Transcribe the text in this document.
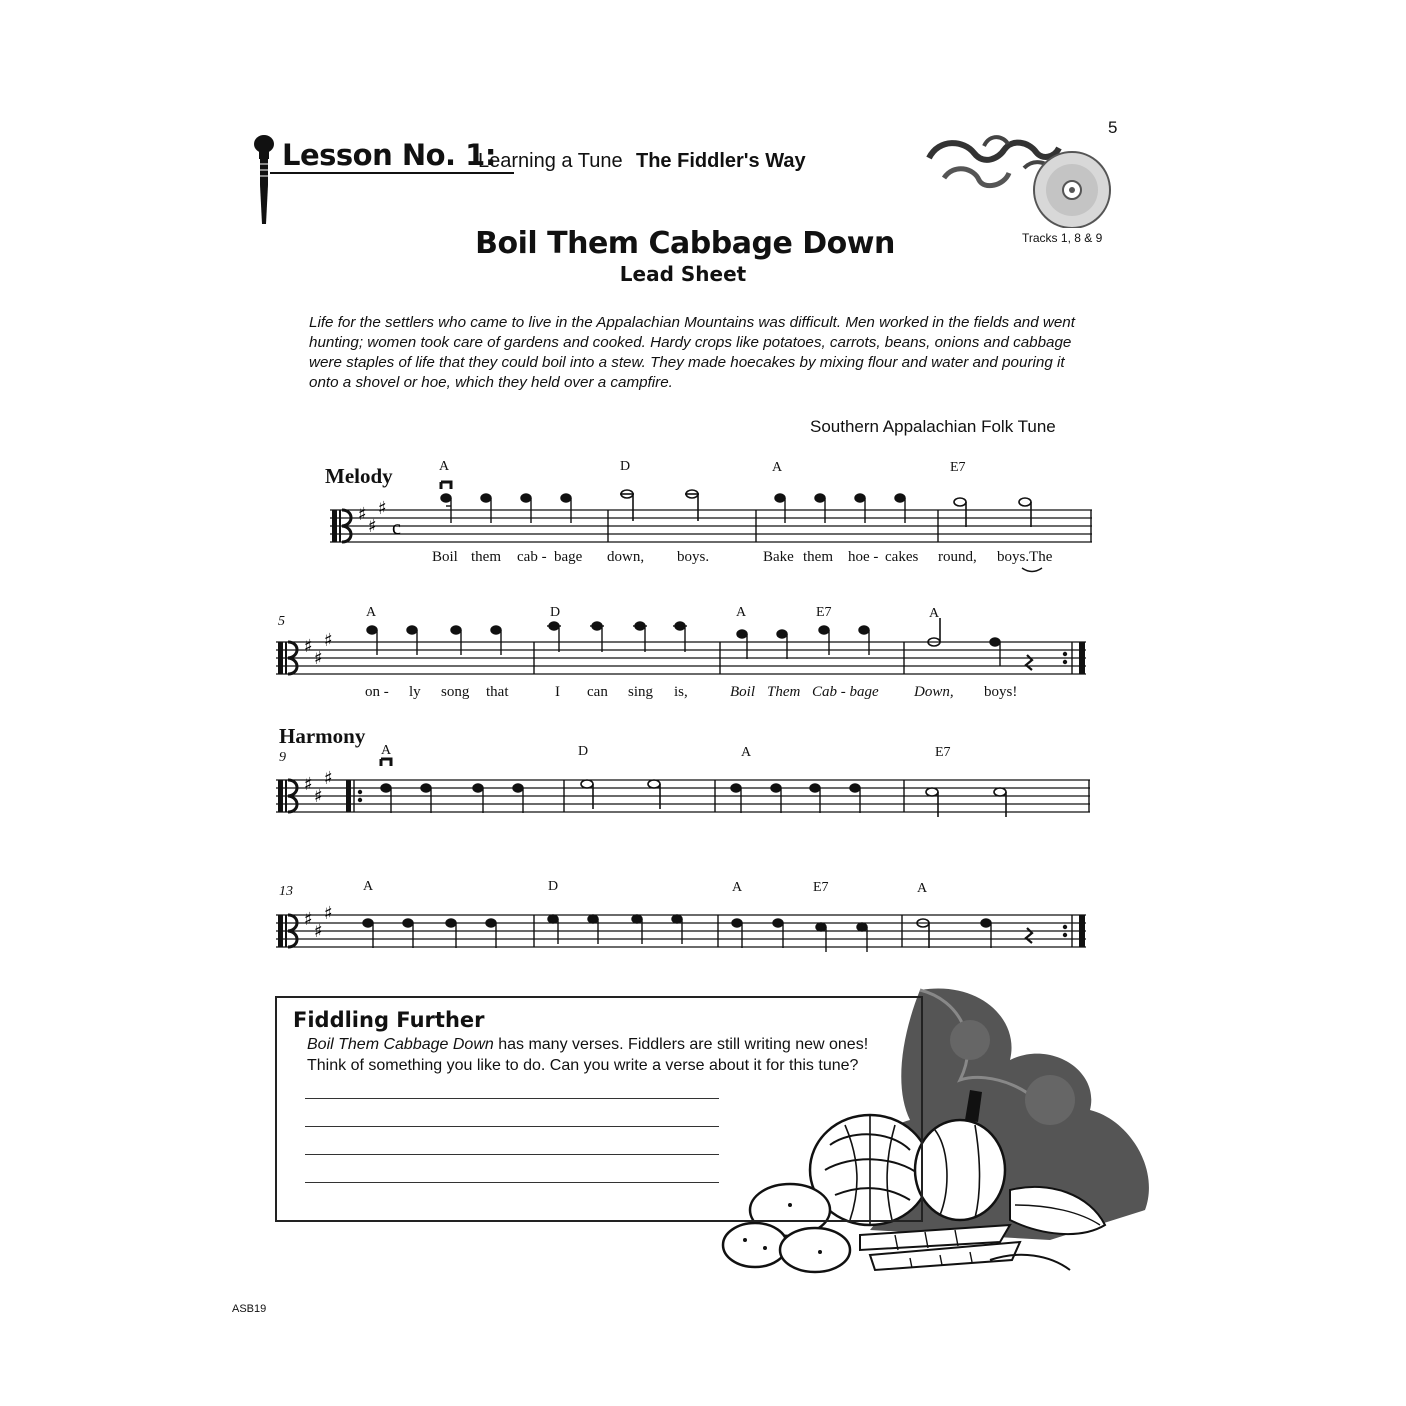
Lesson No. 1:
Learning a Tune The Fiddler's Way
5
Tracks 1, 8 & 9
Boil Them Cabbage Down
Lead Sheet
Life for the settlers who came to live in the Appalachian Mountains was difficult. Men worked in the fields and went hunting; women took care of gardens and cooked. Hardy crops like potatoes, carrots, beans, onions and cabbage were staples of life that they could boil into a stew. They made hoecakes by mixing flour and water and pouring it onto a shovel or hoe, which they held over a campfire.
Southern Appalachian Folk Tune
Melody	A	D	A	E7
♯
♯
♯
c
Boil them cab - bage down, boys.	Bake them hoe - cakes round, boys.The
5
A	D	A	E7	A
♯
♯
♯
on - ly song that	I can sing is,	Boil Them Cab - bage Down, boys!
Harmony
9	A	D	A	E7
♯
♯
♯
13	A	D	A	E7	A
♯
♯
♯
Fiddling Further
Boil Them Cabbage Down has many verses. Fiddlers are still writing new ones!
Think of something you like to do. Can you write a verse about it for this tune?
ASB19
